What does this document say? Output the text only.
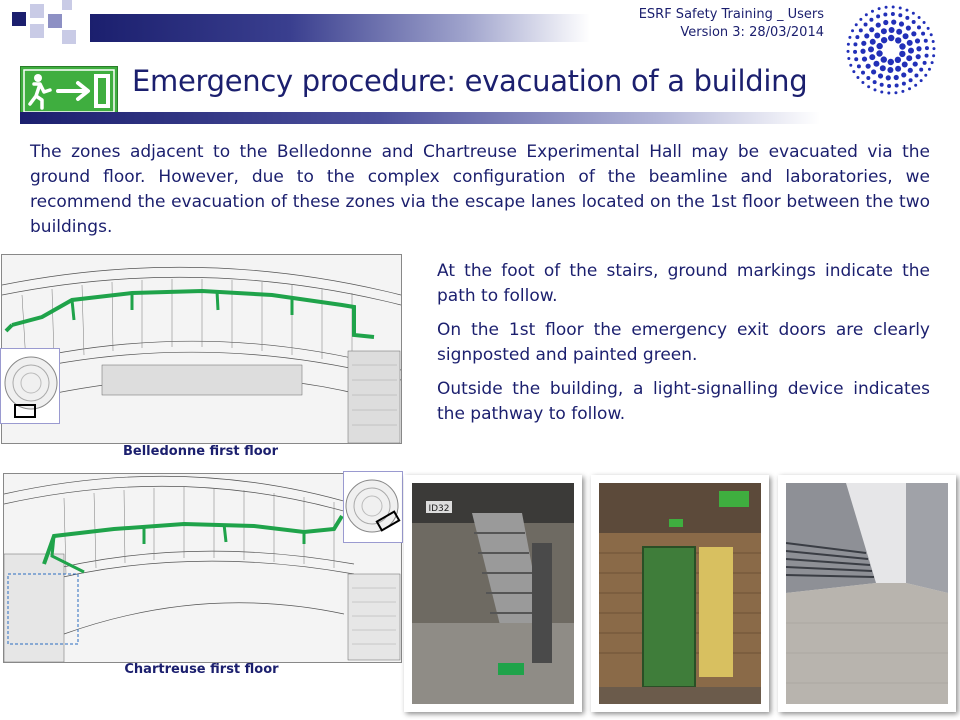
ESRF Safety Training _ Users
Version 3: 28/03/2014
Emergency procedure: evacuation of a building
The zones adjacent to the Belledonne and Chartreuse Experimental Hall may be evacuated via the ground floor. However, due to the complex configuration of the beamline and laboratories, we recommend the evacuation of these zones via the escape lanes located on the 1st floor between the two buildings.

At the foot of the stairs, ground markings indicate the path to follow.

On the 1st floor the emergency exit doors are clearly signposted and painted green.

Outside the building, a light-signalling device indicates the pathway to follow.

Belledonne first floor
Chartreuse first floor
ID32
